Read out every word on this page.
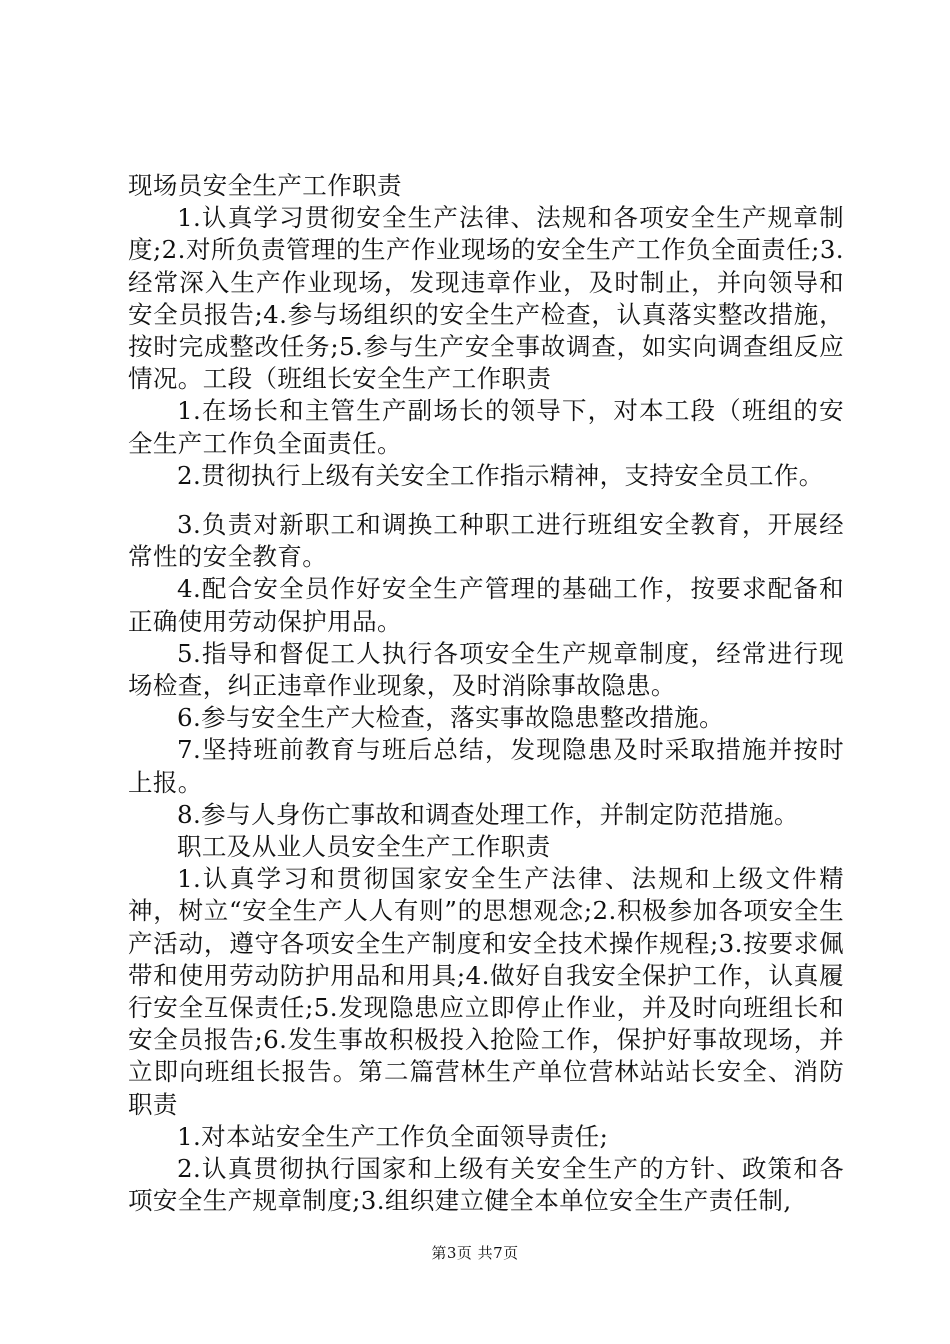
现场员安全生产工作职责

1.认真学习贯彻安全生产法律、法规和各项安全生产规章制度;2.对所负责管理的生产作业现场的安全生产工作负全面责任;3.经常深入生产作业现场，发现违章作业，及时制止，并向领导和安全员报告;4.参与场组织的安全生产检查，认真落实整改措施，按时完成整改任务;5.参与生产安全事故调查，如实向调查组反应情况。工段（班组长安全生产工作职责

1.在场长和主管生产副场长的领导下，对本工段（班组的安全生产工作负全面责任。

2.贯彻执行上级有关安全工作指示精神，支持安全员工作。

3.负责对新职工和调换工种职工进行班组安全教育，开展经常性的安全教育。

4.配合安全员作好安全生产管理的基础工作，按要求配备和正确使用劳动保护用品。

5.指导和督促工人执行各项安全生产规章制度，经常进行现场检查，纠正违章作业现象，及时消除事故隐患。

6.参与安全生产大检查，落实事故隐患整改措施。

7.坚持班前教育与班后总结，发现隐患及时采取措施并按时上报。

8.参与人身伤亡事故和调查处理工作，并制定防范措施。

职工及从业人员安全生产工作职责

1.认真学习和贯彻国家安全生产法律、法规和上级文件精神，树立“安全生产人人有则”的思想观念;2.积极参加各项安全生产活动，遵守各项安全生产制度和安全技术操作规程;3.按要求佩带和使用劳动防护用品和用具;4.做好自我安全保护工作，认真履行安全互保责任;5.发现隐患应立即停止作业，并及时向班组长和安全员报告;6.发生事故积极投入抢险工作，保护好事故现场，并立即向班组长报告。第二篇营林生产单位营林站站长安全、消防职责

1.对本站安全生产工作负全面领导责任;

2.认真贯彻执行国家和上级有关安全生产的方针、政策和各项安全生产规章制度;3.组织建立健全本单位安全生产责任制,

第3页 共7页
